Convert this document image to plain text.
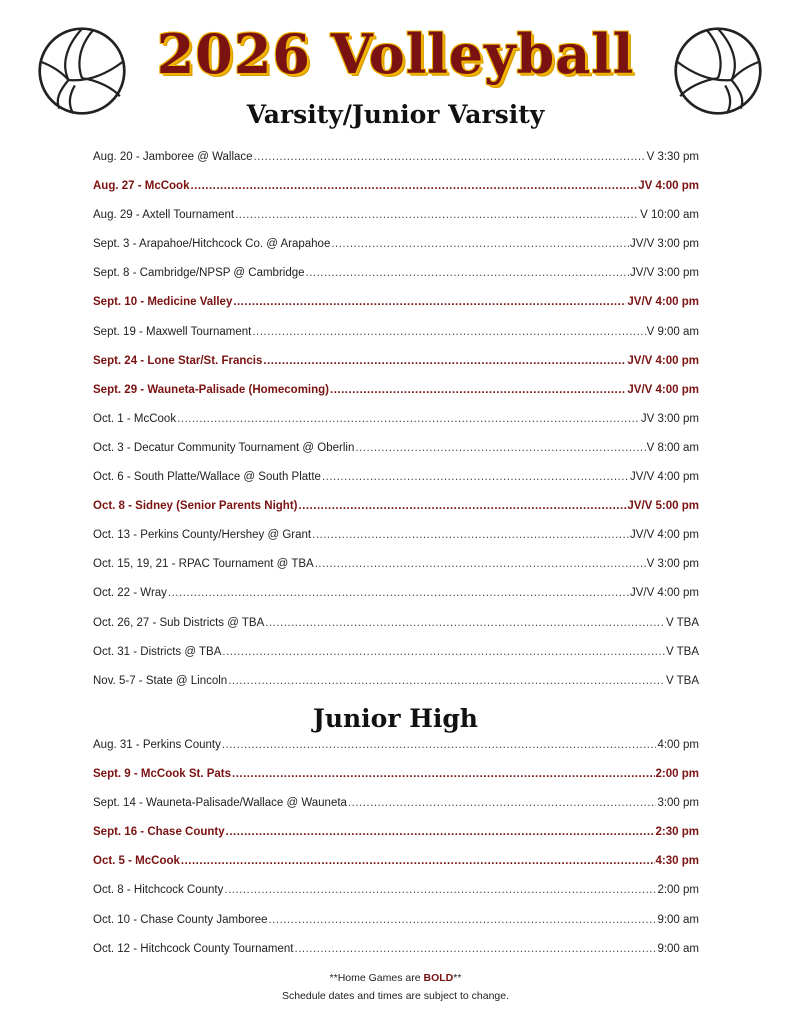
2026 Volleyball
Varsity/Junior Varsity
Aug. 20 - Jamboree @ Wallace .....	V 3:30 pm
Aug. 27 - McCook .....	JV 4:00 pm
Aug. 29 - Axtell Tournament .....	V 10:00 am
Sept. 3 - Arapahoe/Hitchcock Co. @ Arapahoe .....	JV/V 3:00 pm
Sept. 8 - Cambridge/NPSP @ Cambridge .....	JV/V 3:00 pm
Sept. 10 - Medicine Valley .....	JV/V 4:00 pm
Sept. 19 - Maxwell Tournament .....	V 9:00 am
Sept. 24 - Lone Star/St. Francis .....	JV/V 4:00 pm
Sept. 29 - Wauneta-Palisade (Homecoming) .....	JV/V 4:00 pm
Oct. 1 - McCook .....	JV 3:00 pm
Oct. 3 - Decatur Community Tournament @ Oberlin .....	V 8:00 am
Oct. 6 - South Platte/Wallace @ South Platte .....	JV/V 4:00 pm
Oct. 8 - Sidney (Senior Parents Night) .....	JV/V 5:00 pm
Oct. 13 - Perkins County/Hershey @ Grant .....	JV/V 4:00 pm
Oct. 15, 19, 21 - RPAC Tournament @ TBA .....	V 3:00 pm
Oct. 22 - Wray .....	JV/V 4:00 pm
Oct. 26, 27 - Sub Districts @ TBA .....	V TBA
Oct. 31 - Districts @ TBA .....	V TBA
Nov. 5-7 - State @ Lincoln .....	V TBA
Junior High
Aug. 31 - Perkins County .....	4:00 pm
Sept. 9 - McCook St. Pats .....	2:00 pm
Sept. 14 - Wauneta-Palisade/Wallace @ Wauneta .....	3:00 pm
Sept. 16 - Chase County .....	2:30 pm
Oct. 5 - McCook .....	4:30 pm
Oct. 8 - Hitchcock County .....	2:00 pm
Oct. 10 - Chase County Jamboree .....	9:00 am
Oct. 12 - Hitchcock County Tournament .....	9:00 am
**Home Games are BOLD**
Schedule dates and times are subject to change.
